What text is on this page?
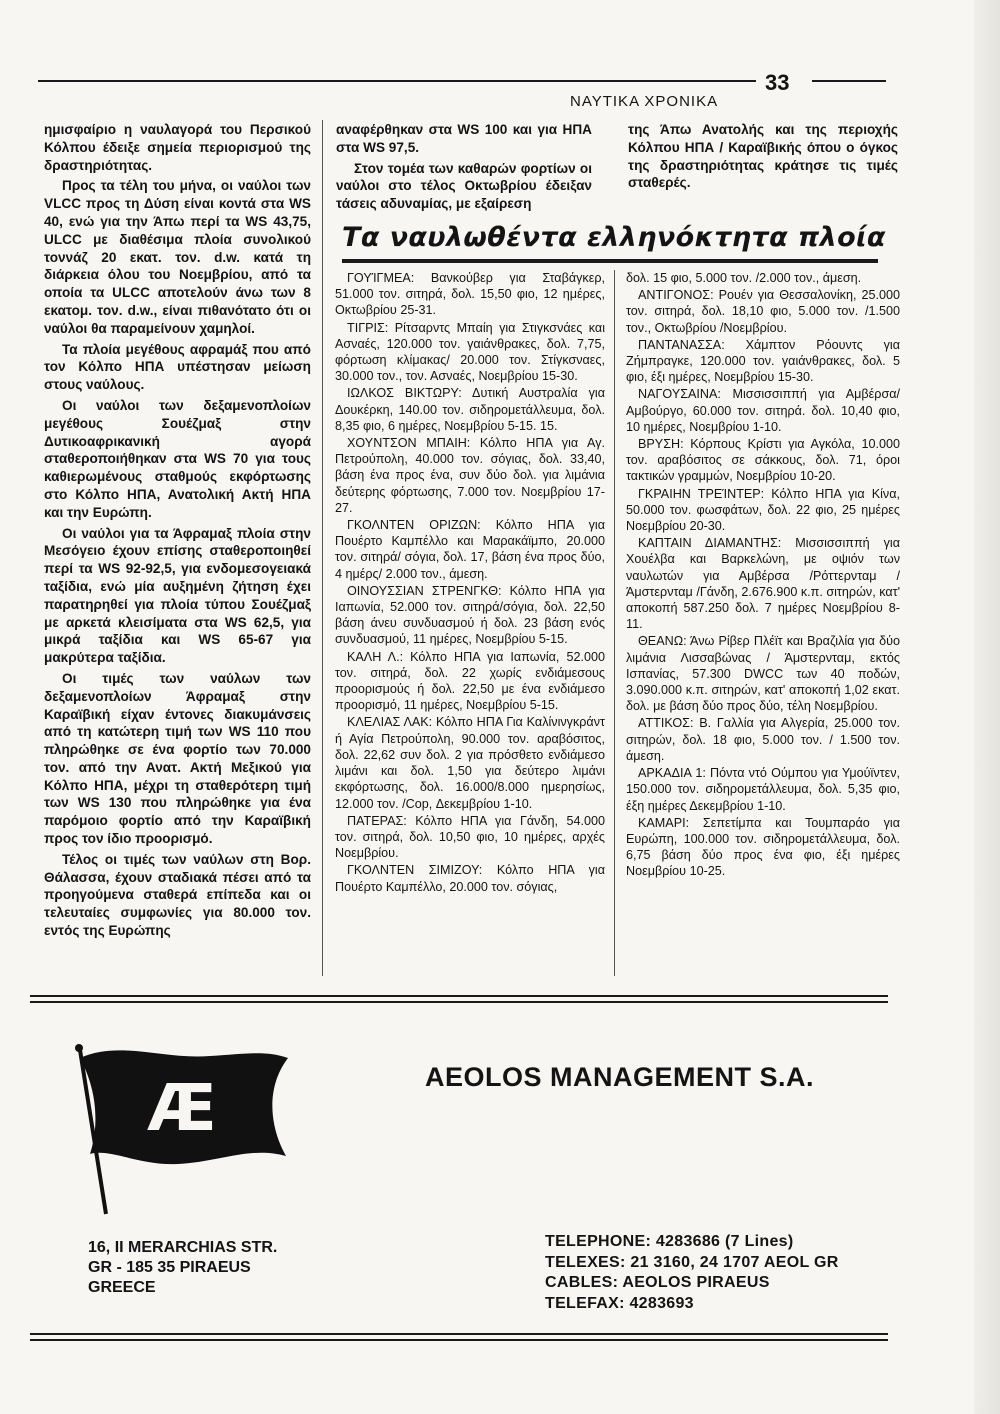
33
ΝΑΥΤΙΚΑ ΧΡΟΝΙΚΑ

ημισφαίριο η ναυλαγορά του Περσικού Κόλπου έδειξε σημεία περιορισμού της δραστηριότητας.

Προς τα τέλη του μήνα, οι ναύλοι των VLCC προς τη Δύση είναι κοντά στα WS 40, ενώ για την Άπω περί τα WS 43,75, ULCC με διαθέσιμα πλοία συνολικού τοννάζ 20 εκατ. τον. d.w. κατά τη διάρκεια όλου του Νοεμβρίου, από τα οποία τα ULCC αποτελούν άνω των 8 εκατομ. τον. d.w., είναι πιθανότατο ότι οι ναύλοι θα παραμείνουν χαμηλοί.

Τα πλοία μεγέθους αφραμάξ που από τον Κόλπο ΗΠΑ υπέστησαν μείωση στους ναύλους.

Οι ναύλοι των δεξαμενοπλοίων μεγέθους Σουέζμαξ στην Δυτικοαφρικανική αγορά σταθεροποιήθηκαν στα WS 70 για τους καθιερωμένους σταθμούς εκφόρτωσης στο Κόλπο ΗΠΑ, Ανατολική Ακτή ΗΠΑ και την Ευρώπη.

Οι ναύλοι για τα Άφραμαξ πλοία στην Μεσόγειο έχουν επίσης σταθεροποιηθεί περί τα WS 92-92,5, για ενδομεσογειακά ταξίδια, ενώ μία αυξημένη ζήτηση έχει παρατηρηθεί για πλοία τύπου Σουέζμαξ με αρκετά κλεισίματα στα WS 62,5, για μικρά ταξίδια και WS 65-67 για μακρύτερα ταξίδια.

Οι τιμές των ναύλων των δεξαμενοπλοίων Άφραμαξ στην Καραϊβική είχαν έντονες διακυμάνσεις από τη κατώτερη τιμή των WS 110 που πληρώθηκε σε ένα φορτίο των 70.000 τον. από την Ανατ. Ακτή Μεξικού για Κόλπο ΗΠΑ, μέχρι τη σταθερότερη τιμή των WS 130 που πληρώθηκε για ένα παρόμοιο φορτίο από την Καραϊβική προς τον ίδιο προορισμό.

Τέλος οι τιμές των ναύλων στη Βορ. Θάλασσα, έχουν σταδιακά πέσει από τα προηγούμενα σταθερά επίπεδα και οι τελευταίες συμφωνίες για 80.000 τον. εντός της Ευρώπης

αναφέρθηκαν στα WS 100 και για ΗΠΑ στα WS 97,5.

Στον τομέα των καθαρών φορτίων οι ναύλοι στο τέλος Οκτωβρίου έδειξαν τάσεις αδυναμίας, με εξαίρεση

της Άπω Ανατολής και της περιοχής Κόλπου ΗΠΑ / Καραϊβικής όπου ο όγκος της δραστηριότητας κράτησε τις τιμές σταθερές.

Τα ναυλωθέντα ελληνόκτητα πλοία
ΓΟΥΊΓΜΕΑ: Βανκούβερ για Σταβάγκερ, 51.000 τον. σιτηρά, δολ. 15,50 φιο, 12 ημέρες, Οκτωβρίου 25-31.
ΤΙΓΡΙΣ: Ρίτσαρντς Μπαίη για Στιγκσνάες και Ασναές, 120.000 τον. γαιάνθρακες, δολ. 7,75, φόρτωση κλίμακας/ 20.000 τον. Στίγκσναες, 30.000 τον., τον. Ασναές, Νοεμβρίου 15-30.
ΙΩΛΚΟΣ ΒΙΚΤΩΡΥ: Δυτική Αυστραλία για Δουκέρκη, 140.00 τον. σιδηρομετάλλευμα, δολ. 8,35 φιο, 6 ημέρες, Νοεμβρίου 5-15. 15.
ΧΟΥΝΤΣΟΝ ΜΠΑΙΗ: Κόλπο ΗΠΑ για Αγ. Πετρούπολη, 40.000 τον. σόγιας, δολ. 33,40, βάση ένα προς ένα, συν δύο δολ. για λιμάνια δεύτερης φόρτωσης, 7.000 τον. Νοεμβρίου 17-27.
ΓΚΟΛΝΤΕΝ ΟΡΙΖΩΝ: Κόλπο ΗΠΑ για Πουέρτο Καμπέλλο και Μαρακάϊμπο, 20.000 τον. σιτηρά/ σόγια, δολ. 17, βάση ένα προς δύο, 4 ημέρς/ 2.000 τον., άμεση.
ΟΙΝΟΥΣΣΙΑΝ ΣΤΡΕΝΓΚΘ: Κόλπο ΗΠΑ για Ιαπωνία, 52.000 τον. σιτηρά/σόγια, δολ. 22,50 βάση άνευ συνδυασμού ή δολ. 23 βάση ενός συνδυασμού, 11 ημέρες, Νοεμβρίου 5-15.
ΚΑΛΗ Λ.: Κόλπο ΗΠΑ για Ιαπωνία, 52.000 τον. σιτηρά, δολ. 22 χωρίς ενδιάμεσους προορισμούς ή δολ. 22,50 με ένα ενδιάμεσο προορισμό, 11 ημέρες, Νοεμβρίου 5-15.
ΚΛΕΛΙΑΣ ΛΑΚ: Κόλπο ΗΠΑ Για Καλίνινγκράντ ή Αγία Πετρούπολη, 90.000 τον. αραβόσιτος, δολ. 22,62 συν δολ. 2 για πρόσθετο ενδιάμεσο λιμάνι και δολ. 1,50 για δεύτερο λιμάνι εκφόρτωσης, δολ. 16.000/8.000 ημερησίως, 12.000 τον. /Cop, Δεκεμβρίου 1-10.
ΠΑΤΕΡΑΣ: Κόλπο ΗΠΑ για Γάνδη, 54.000 τον. σιτηρά, δολ. 10,50 φιο, 10 ημέρες, αρχές Νοεμβρίου.
ΓΚΟΛΝΤΕΝ ΣΙΜΙΖΟΥ: Κόλπο ΗΠΑ για Πουέρτο Καμπέλλο, 20.000 τον. σόγιας,
δολ. 15 φιο, 5.000 τον. /2.000 τον., άμεση.
ΑΝΤΙΓΟΝΟΣ: Ρουέν για Θεσσαλονίκη, 25.000 τον. σιτηρά, δολ. 18,10 φιο, 5.000 τον. /1.500 τον., Οκτωβρίου /Νοεμβρίου.
ΠΑΝΤΑΝΑΣΣΑ: Χάμπτον Ρόουντς για Ζήμπραγκε, 120.000 τον. γαιάνθρακες, δολ. 5 φιο, έξι ημέρες, Νοεμβρίου 15-30.
ΝΑΓΟΥΣΑΙΝΑ: Μισσισσιππή για Αμβέρσα/ Αμβούργο, 60.000 τον. σιτηρά. δολ. 10,40 φιο, 10 ημέρες, Νοεμβρίου 1-10.
ΒΡΥΣΗ: Κόρπους Κρίστι για Αγκόλα, 10.000 τον. αραβόσιτος σε σάκκους, δολ. 71, όροι τακτικών γραμμών, Νοεμβρίου 10-20.
ΓΚΡΑΙΗΝ ΤΡΕΊΝΤΕΡ: Κόλπο ΗΠΑ για Κίνα, 50.000 τον. φωσφάτων, δολ. 22 φιο, 25 ημέρες Νοεμβρίου 20-30.
ΚΑΠΤΑΙΝ ΔΙΑΜΑΝΤΗΣ: Μισσισσιππή για Χουέλβα και Βαρκελώνη, με οψιόν των ναυλωτών για Αμβέρσα /Ρόττερνταμ / Άμστερνταμ /Γάνδη, 2.676.900 κ.π. σιτηρών, κατ' αποκοπή 587.250 δολ. 7 ημέρες Νοεμβρίου 8-11.
ΘΕΑΝΩ: Άνω Ρίβερ Πλέϊτ και Βραζιλία για δύο λιμάνια Λισσαβώνας / Άμστερνταμ, εκτός Ισπανίας, 57.300 DWCC των 40 ποδών, 3.090.000 κ.π. σιτηρών, κατ' αποκοπή 1,02 εκατ. δολ. με βάση δύο προς δύο, τέλη Νοεμβρίου.
ΑΤΤΙΚΟΣ: Β. Γαλλία για Αλγερία, 25.000 τον. σιτηρών, δολ. 18 φιο, 5.000 τον. / 1.500 τον. άμεση.
ΑΡΚΑΔΙΑ 1: Πόντα ντό Ούμπου για Υμούϊντεν, 150.000 τον. σιδηρομετάλλευμα, δολ. 5,35 φιο, έξη ημέρες Δεκεμβρίου 1-10.
ΚΑΜΑΡΙ: Σεπετίμπα και Τουμπαράο για Ευρώπη, 100.000 τον. σιδηρομετάλλευμα, δολ. 6,75 βάση δύο προς ένα φιο, έξι ημέρες Νοεμβρίου 10-25.
Æ	AEOLOS MANAGEMENT S.A.
16, II MERARCHIAS STR.
GR - 185 35 PIRAEUS
GREECE
TELEPHONE: 4283686 (7 Lines)
TELEXES: 21 3160, 24 1707 AEOL GR
CABLES: AEOLOS PIRAEUS
TELEFAX: 4283693
